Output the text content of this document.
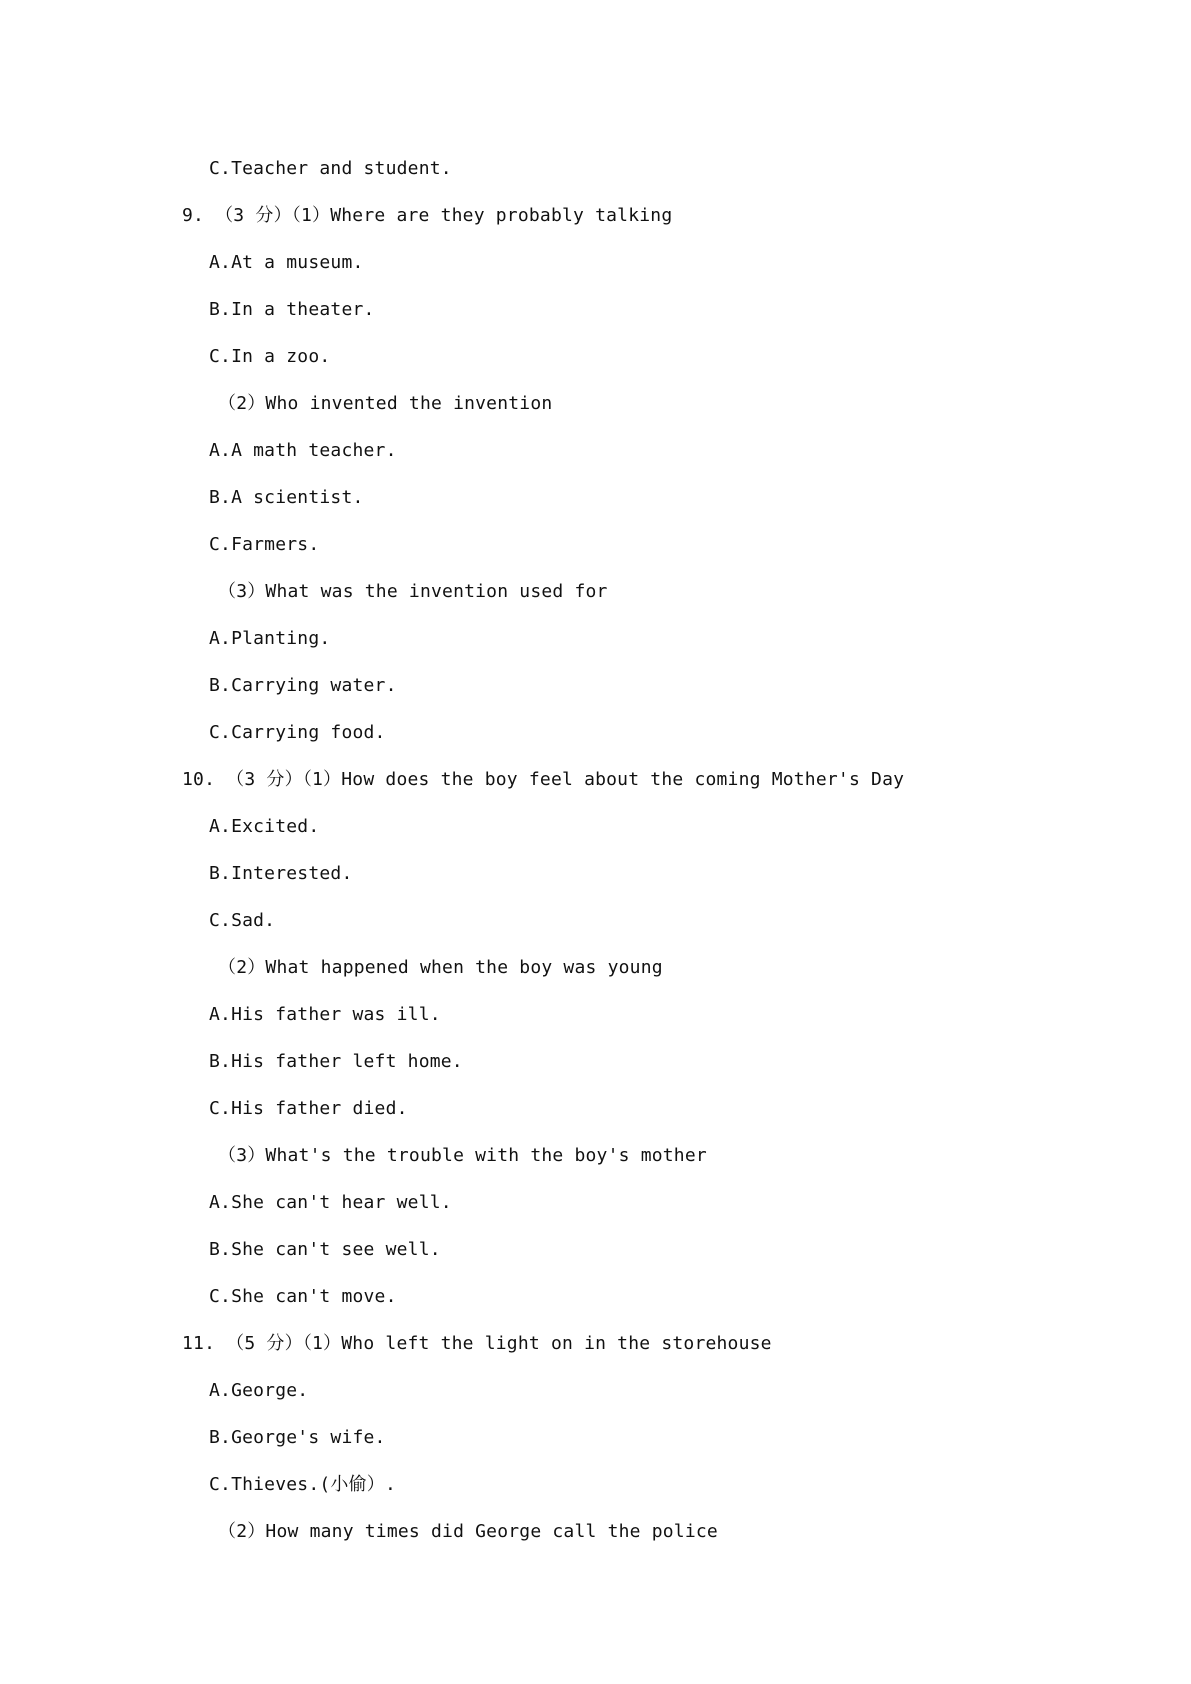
C.Teacher and student.
9. （3 分）（1）Where are they probably talking
A.At a museum.
B.In a theater.
C.In a zoo.
（2）Who invented the invention
A.A math teacher.
B.A scientist.
C.Farmers.
（3）What was the invention used for
A.Planting.
B.Carrying water.
C.Carrying food.
10. （3 分）（1）How does the boy feel about the coming Mother's Day
A.Excited.
B.Interested.
C.Sad.
（2）What happened when the boy was young
A.His father was ill.
B.His father left home.
C.His father died.
（3）What's the trouble with the boy's mother
A.She can't hear well.
B.She can't see well.
C.She can't move.
11. （5 分）（1）Who left the light on in the storehouse
A.George.
B.George's wife.
C.Thieves.(小偷）.
（2）How many times did George call the police
